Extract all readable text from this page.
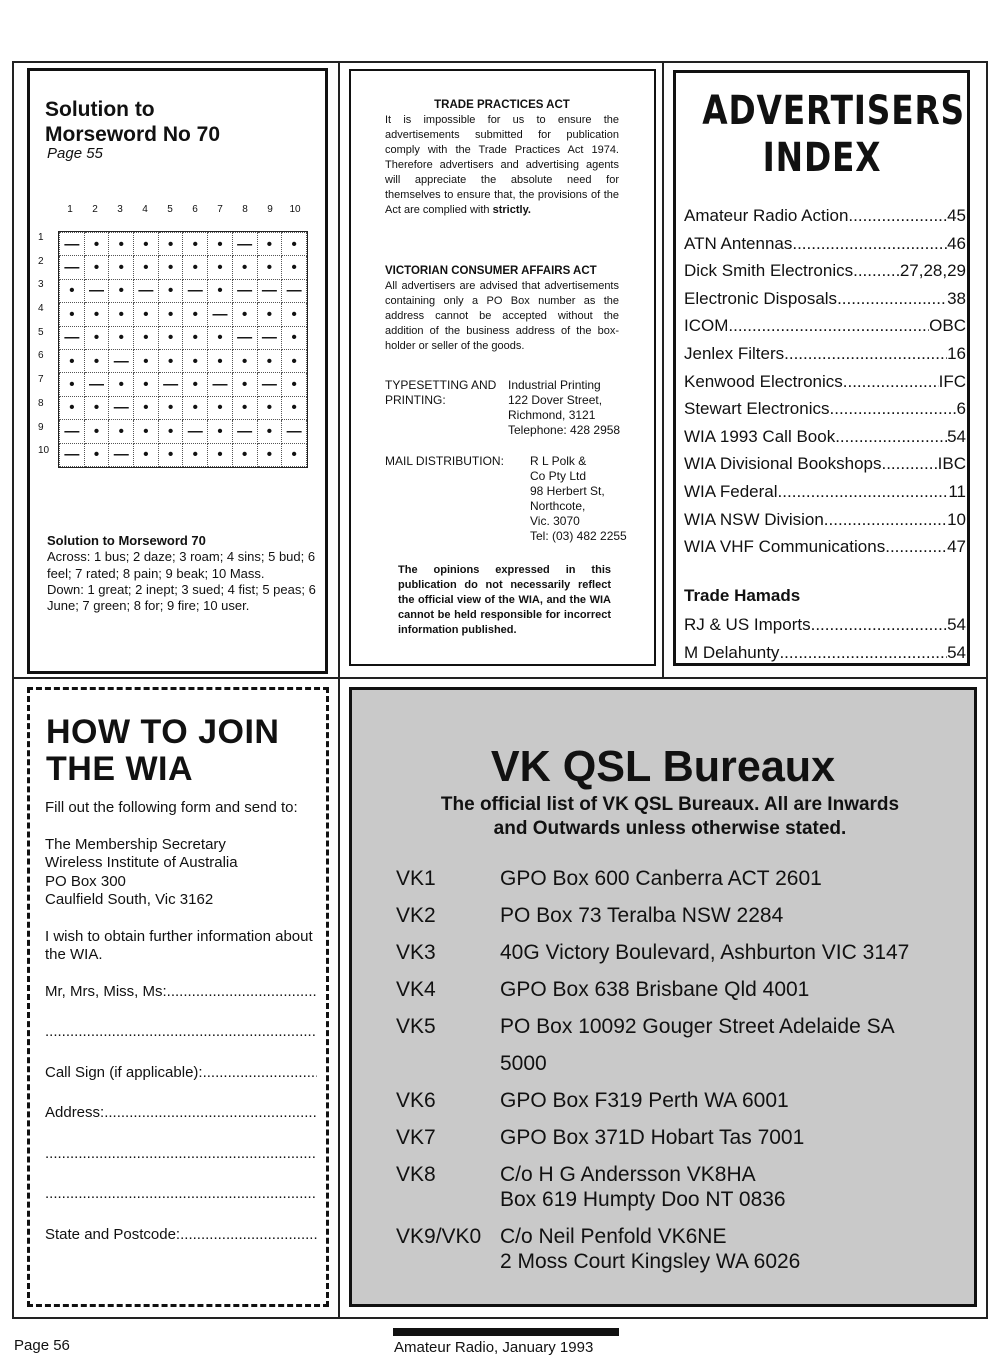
Solution to
Morseword No 70
Page 55
1	2	3	4	5	6	7	8	9	10
1
2
3
4
5
6
7
8
9
10
—	•	•	•	•	•	•	—	•	•
—	•	•	•	•	•	•	•	•	•
•	—	•	—	•	—	•	—	—	—
•	•	•	•	•	•	—	•	•	•
—	•	•	•	•	•	•	—	—	•
•	•	—	•	•	•	•	•	•	•
•	—	•	•	—	•	—	•	—	•
•	•	—	•	•	•	•	•	•	•
—	•	•	•	•	—	•	—	•	—
—	•	—	•	•	•	•	•	•	•
Solution to Morseword 70
Across: 1 bus; 2 daze; 3 roam; 4 sins; 5 bud; 6 feel; 7 rated; 8 pain; 9 beak; 10 Mass.
Down: 1 great; 2 inept; 3 sued; 4 fist; 5 peas; 6 June; 7 green; 8 for; 9 fire; 10 user.
TRADE PRACTICES ACT
It is impossible for us to ensure the advertisements submitted for publication comply with the Trade Practices Act 1974. Therefore advertisers and advertising agents will appreciate the absolute need for themselves to ensure that, the provisions of the Act are complied with strictly.
VICTORIAN CONSUMER AFFAIRS ACT
All advertisers are advised that advertisements containing only a PO Box number as the address cannot be accepted without the addition of the business address of the box-holder or seller of the goods.
TYPESETTING AND PRINTING:
Industrial Printing
122 Dover Street,
Richmond, 3121
Telephone: 428 2958
MAIL DISTRIBUTION:	R L Polk &
Co Pty Ltd
98 Herbert St,
Northcote,
Vic. 3070
Tel: (03) 482 2255
The opinions expressed in this publication do not necessarily reflect the official view of the WIA, and the WIA cannot be held responsible for incorrect information published.
ADVERTISERS
INDEX
Amateur Radio Action .....	45
ATN Antennas .....	46
Dick Smith Electronics .....	27,28,29
Electronic Disposals .....	38
ICOM .....	OBC
Jenlex Filters .....	16
Kenwood Electronics .....	IFC
Stewart Electronics .....	6
WIA 1993 Call Book .....	54
WIA Divisional Bookshops .....	IBC
WIA Federal .....	11
WIA NSW Division .....	10
WIA VHF Communications .....	47
Trade Hamads
RJ & US Imports .....	54
M Delahunty .....	54
HOW TO JOIN
THE WIA

Fill out the following form and send to:

The Membership Secretary
Wireless Institute of Australia
PO Box 300
Caulfield South, Vic 3162

I wish to obtain further information about the WIA.

Mr, Mrs, Miss, Ms:
.....
.....
Call Sign (if applicable):
.....
Address:
.....
.....
.....
State and Postcode:
.....
VK QSL Bureaux
The official list of VK QSL Bureaux. All are Inwards
and Outwards unless otherwise stated.
VK1	GPO Box 600 Canberra ACT 2601
VK2	PO Box 73 Teralba NSW 2284
VK3	40G Victory Boulevard, Ashburton VIC 3147
VK4	GPO Box 638 Brisbane Qld 4001
VK5	PO Box 10092 Gouger Street Adelaide SA
5000
VK6	GPO Box F319 Perth WA 6001
VK7	GPO Box 371D Hobart Tas 7001
VK8	C/o H G Andersson VK8HA
Box 619 Humpty Doo NT 0836
VK9/VK0 C/o Neil Penfold VK6NE
2 Moss Court Kingsley WA 6026
Page 56	Amateur Radio, January 1993
